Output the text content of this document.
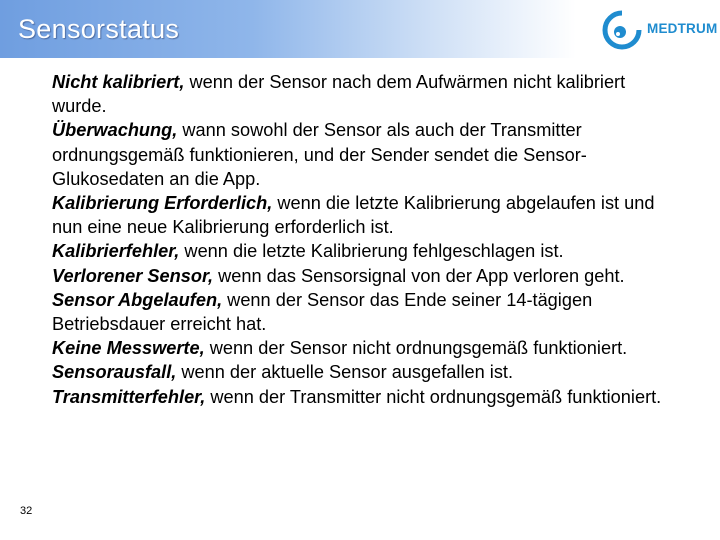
Sensorstatus	MEDTRUM

Nicht kalibriert, wenn der Sensor nach dem Aufwärmen nicht kalibriert wurde.

Überwachung, wann sowohl der Sensor als auch der Transmitter ordnungsgemäß funktionieren, und der Sender sendet die Sensor-Glukosedaten an die App.

Kalibrierung Erforderlich, wenn die letzte Kalibrierung abgelaufen ist und nun eine neue Kalibrierung erforderlich ist.

Kalibrierfehler, wenn die letzte Kalibrierung fehlgeschlagen ist.

Verlorener Sensor, wenn das Sensorsignal von der App verloren geht.

Sensor Abgelaufen, wenn der Sensor das Ende seiner 14-tägigen Betriebsdauer erreicht hat.

Keine Messwerte, wenn der Sensor nicht ordnungsgemäß funktioniert.

Sensorausfall, wenn der aktuelle Sensor ausgefallen ist.

Transmitterfehler, wenn der Transmitter nicht ordnungsgemäß funktioniert.

32
